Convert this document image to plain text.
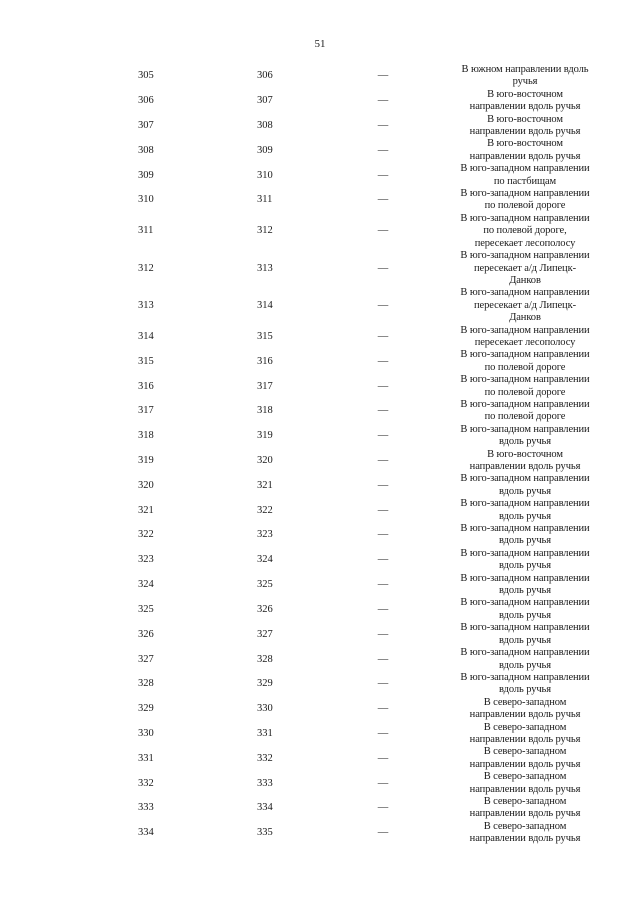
51
305	306	—
В южном направлении вдоль
ручья
306	307	—
В юго-восточном
направлении вдоль ручья
307	308	—
В юго-восточном
направлении вдоль ручья
308	309	—
В юго-восточном
направлении вдоль ручья
309	310	—
В юго-западном направлении
по пастбищам
310	311	—
В юго-западном направлении
по полевой дороге
311	312	—
В юго-западном направлении
по полевой дороге,
пересекает лесополосу
312	313	—
В юго-западном направлении
пересекает а/д Липецк-
Данков
313	314	—
В юго-западном направлении
пересекает а/д Липецк-
Данков
314	315	—
В юго-западном направлении
пересекает лесополосу
315	316	—
В юго-западном направлении
по полевой дороге
316	317	—
В юго-западном направлении
по полевой дороге
317	318	—
В юго-западном направлении
по полевой дороге
318	319	—
В юго-западном направлении
вдоль ручья
319	320	—
В юго-восточном
направлении вдоль ручья
320	321	—
В юго-западном направлении
вдоль ручья
321	322	—
В юго-западном направлении
вдоль ручья
322	323	—
В юго-западном направлении
вдоль ручья
323	324	—
В юго-западном направлении
вдоль ручья
324	325	—
В юго-западном направлении
вдоль ручья
325	326	—
В юго-западном направлении
вдоль ручья
326	327	—
В юго-западном направлении
вдоль ручья
327	328	—
В юго-западном направлении
вдоль ручья
328	329	—
В юго-западном направлении
вдоль ручья
329	330	—
В северо-западном
направлении вдоль ручья
330	331	—
В северо-западном
направлении вдоль ручья
331	332	—
В северо-западном
направлении вдоль ручья
332	333	—
В северо-западном
направлении вдоль ручья
333	334	—
В северо-западном
направлении вдоль ручья
334	335	—
В северо-западном
направлении вдоль ручья
